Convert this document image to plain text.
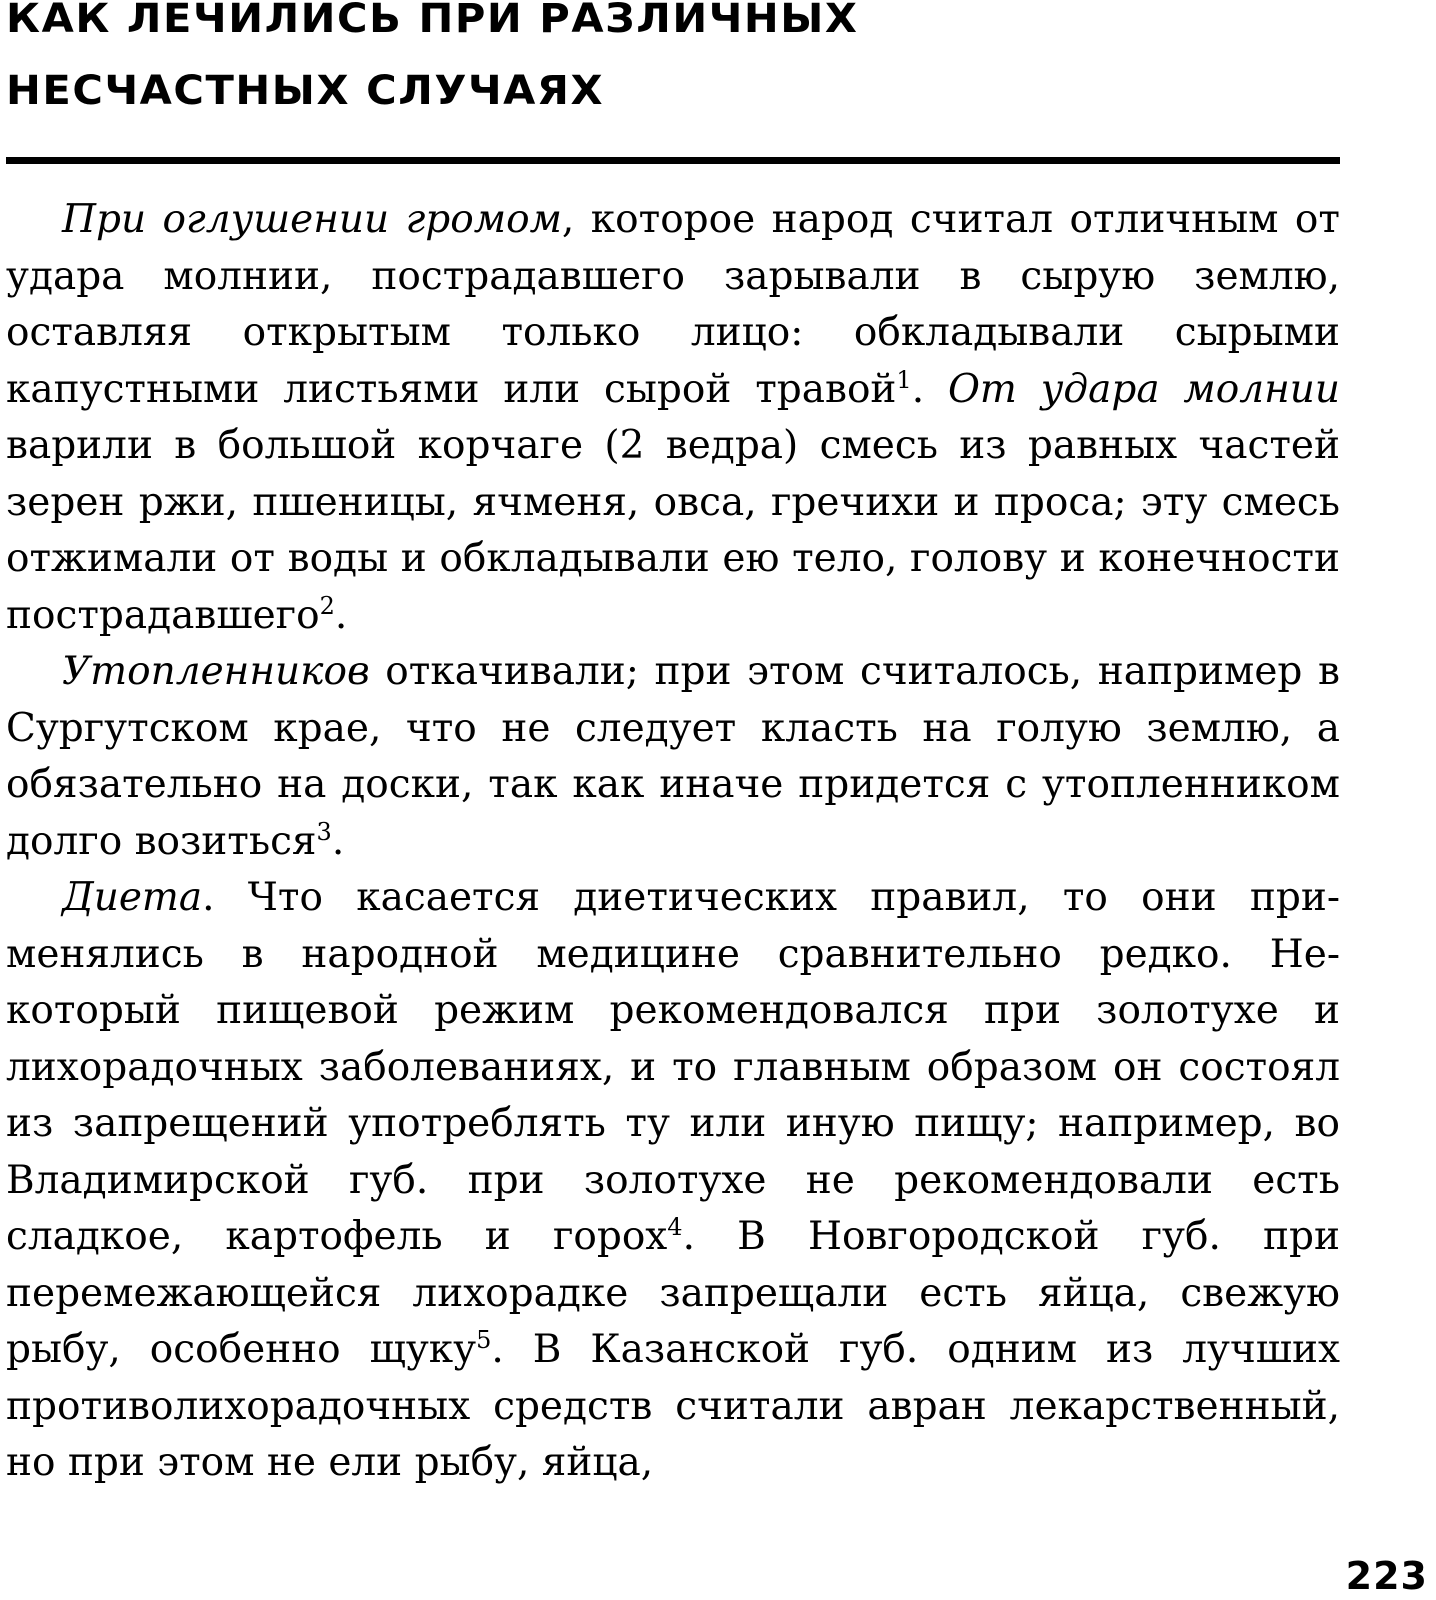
КАК ЛЕЧИЛИСЬ ПРИ РАЗЛИЧНЫХ
НЕСЧАСТНЫХ СЛУЧАЯХ

При оглушении громом, которое народ считал отличным от удара молнии, пострадавшего зарывали в сырую землю, оставляя открытым только лицо: обкладывали сырыми капустными листьями или сырой травой$^1$. От удара молнии варили в большой корчаге (2 ведра) смесь из равных частей зерен ржи, пшеницы, ячменя, овса, гречихи и проса; эту смесь отжимали от воды и обкладывали ею тело, голову и конечности пострадавшего$^2$.

Утопленников откачивали; при этом считалось, например в Сургутском крае, что не следует класть на голую землю, а обязательно на доски, так как иначе придется с утопленником долго возиться$^3$.

Диета. Что касается диетических правил, то они применялись в народной медицине сравнительно редко. Некоторый пищевой режим рекомендовался при золотухе и лихорадочных заболеваниях, и то главным образом он состоял из запрещений употреблять ту или иную пищу; например, во Владимирской губ. при золотухе не рекомендовали есть сладкое, картофель и горох$^4$. В Новгородской губ. при перемежающейся лихорадке запрещали есть яйца, свежую рыбу, особенно щуку$^5$. В Казанской губ. одним из лучших противолихорадочных средств считали авран лекарственный, но при этом не ели рыбу, яйца,

223
